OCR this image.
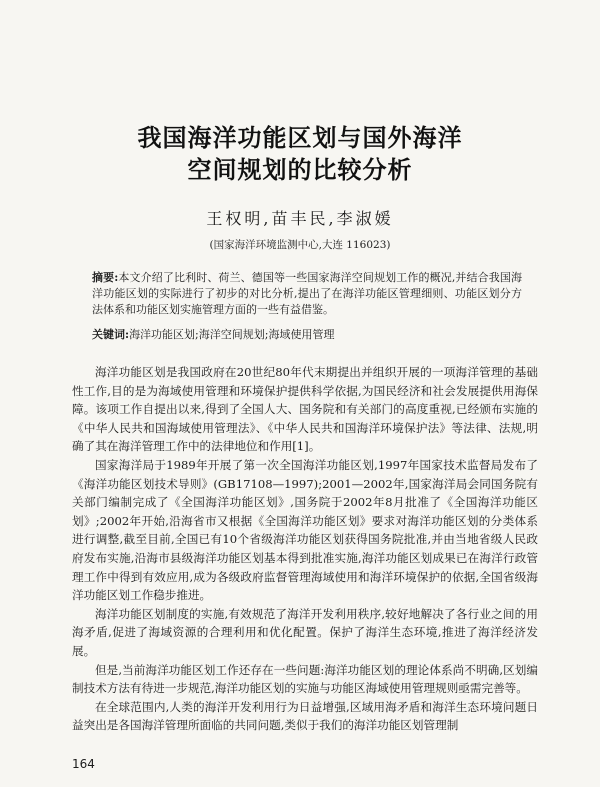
我国海洋功能区划与国外海洋
空间规划的比较分析
王权明,苗丰民,李淑媛
(国家海洋环境监测中心,大连 116023)
摘要:本文介绍了比利时、荷兰、德国等一些国家海洋空间规划工作的概况,并结合我国海洋功能区划的实际进行了初步的对比分析,提出了在海洋功能区管理细则、功能区划分方法体系和功能区划实施管理方面的一些有益借鉴。
关键词:海洋功能区划;海洋空间规划;海域使用管理

海洋功能区划是我国政府在20世纪80年代末期提出并组织开展的一项海洋管理的基础性工作,目的是为海域使用管理和环境保护提供科学依据,为国民经济和社会发展提供用海保障。该项工作自提出以来,得到了全国人大、国务院和有关部门的高度重视,已经颁布实施的《中华人民共和国海域使用管理法》、《中华人民共和国海洋环境保护法》等法律、法规,明确了其在海洋管理工作中的法律地位和作用[1]。

国家海洋局于1989年开展了第一次全国海洋功能区划,1997年国家技术监督局发布了《海洋功能区划技术导则》(GB17108—1997);2001—2002年,国家海洋局会同国务院有关部门编制完成了《全国海洋功能区划》,国务院于2002年8月批准了《全国海洋功能区划》;2002年开始,沿海省市又根据《全国海洋功能区划》要求对海洋功能区划的分类体系进行调整,截至目前,全国已有10个省级海洋功能区划获得国务院批准,并由当地省级人民政府发布实施,沿海市县级海洋功能区划基本得到批准实施,海洋功能区划成果已在海洋行政管理工作中得到有效应用,成为各级政府监督管理海域使用和海洋环境保护的依据,全国省级海洋功能区划工作稳步推进。

海洋功能区划制度的实施,有效规范了海洋开发利用秩序,较好地解决了各行业之间的用海矛盾,促进了海域资源的合理利用和优化配置。保护了海洋生态环境,推进了海洋经济发展。

但是,当前海洋功能区划工作还存在一些问题:海洋功能区划的理论体系尚不明确,区划编制技术方法有待进一步规范,海洋功能区划的实施与功能区海域使用管理规则亟需完善等。

在全球范围内,人类的海洋开发利用行为日益增强,区域用海矛盾和海洋生态环境问题日益突出是各国海洋管理所面临的共同问题,类似于我们的海洋功能区划管理制

164
